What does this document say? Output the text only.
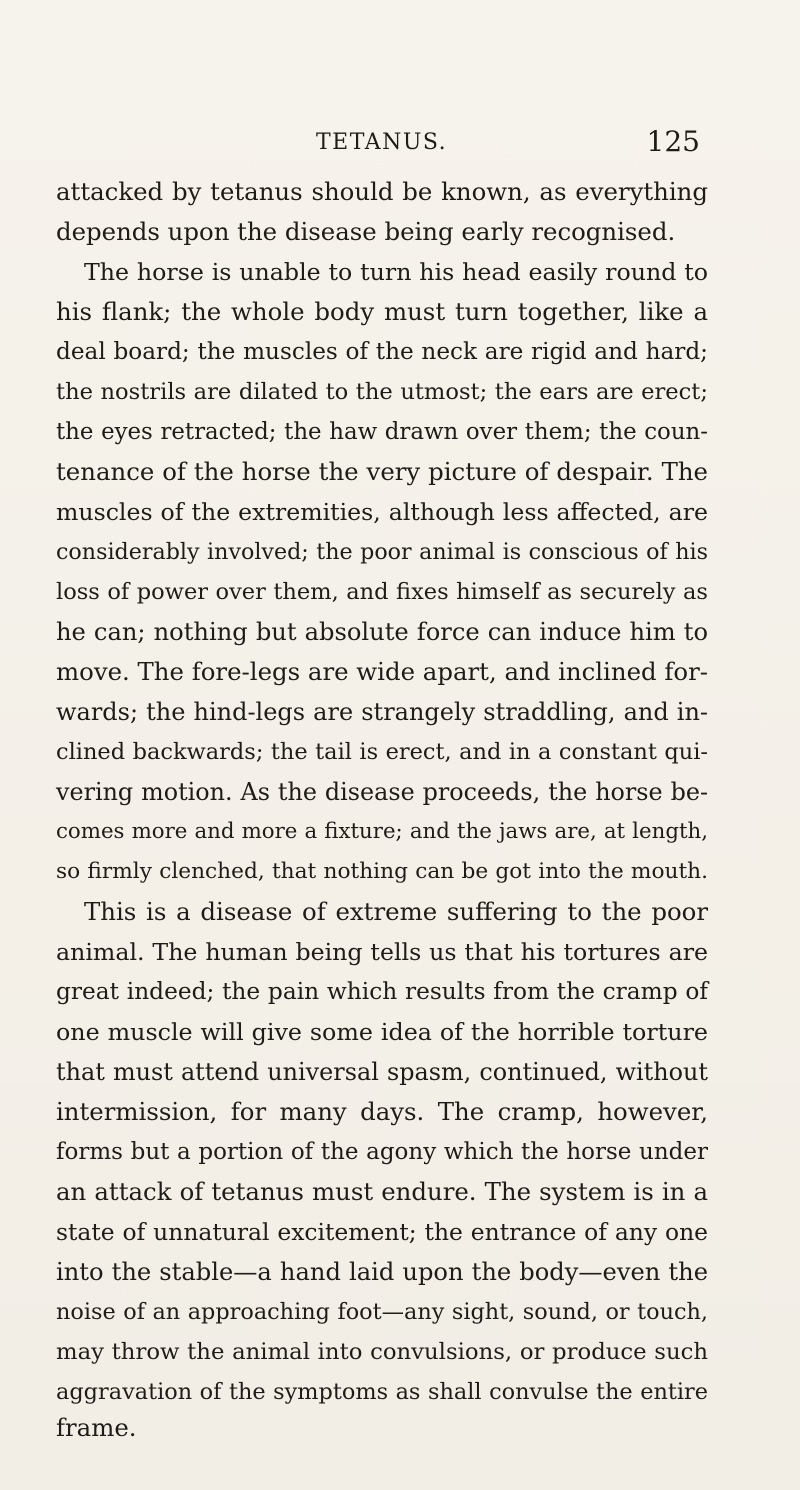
TETANUS.	125
attacked by tetanus should be known, as everything
depends upon the disease being early recognised.
The horse is unable to turn his head easily round to
his flank; the whole body must turn together, like a
deal board; the muscles of the neck are rigid and hard;
the nostrils are dilated to the utmost; the ears are erect;
the eyes retracted; the haw drawn over them; the coun-
tenance of the horse the very picture of despair. The
muscles of the extremities, although less affected, are
considerably involved; the poor animal is conscious of his
loss of power over them, and fixes himself as securely as
he can; nothing but absolute force can induce him to
move. The fore-legs are wide apart, and inclined for-
wards; the hind-legs are strangely straddling, and in-
clined backwards; the tail is erect, and in a constant qui-
vering motion. As the disease proceeds, the horse be-
comes more and more a fixture; and the jaws are, at length,
so firmly clenched, that nothing can be got into the mouth.
This is a disease of extreme suffering to the poor
animal. The human being tells us that his tortures are
great indeed; the pain which results from the cramp of
one muscle will give some idea of the horrible torture
that must attend universal spasm, continued, without
intermission, for many days. The cramp, however,
forms but a portion of the agony which the horse under
an attack of tetanus must endure. The system is in a
state of unnatural excitement; the entrance of any one
into the stable—a hand laid upon the body—even the
noise of an approaching foot—any sight, sound, or touch,
may throw the animal into convulsions, or produce such
aggravation of the symptoms as shall convulse the entire
frame.
